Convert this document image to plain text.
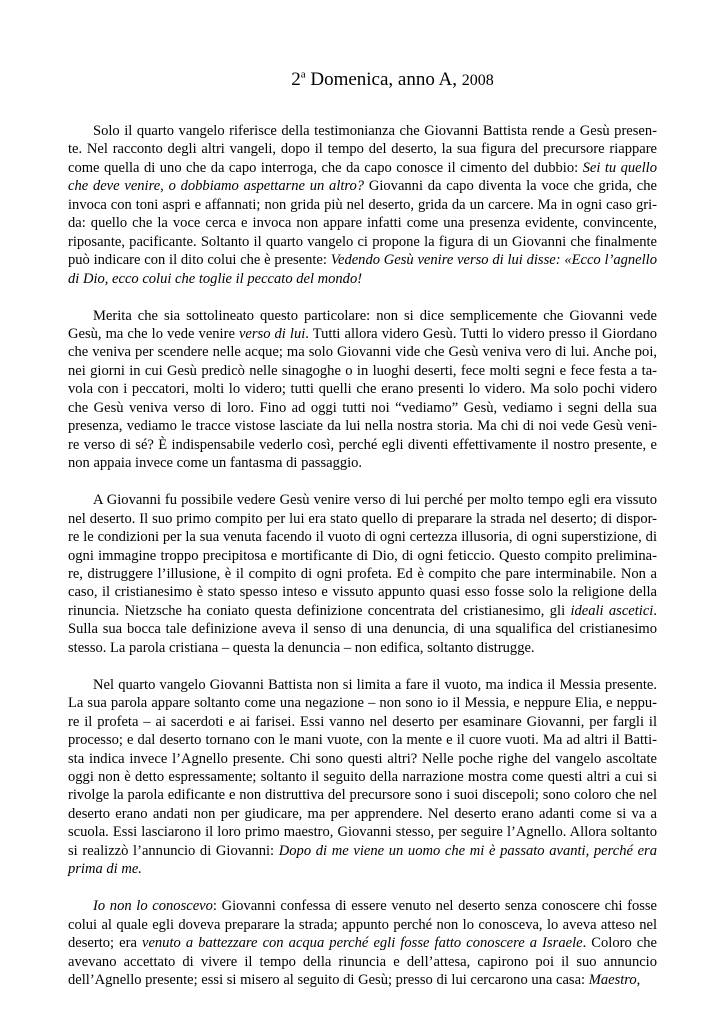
2$^a$ Domenica, anno A, 2008

Solo il quarto vangelo riferisce della testimonianza che Giovanni Battista rende a Gesù presen-te. Nel racconto degli altri vangeli, dopo il tempo del deserto, la sua figura del precursore riappare come quella di uno che da capo interroga, che da capo conosce il cimento del dubbio: Sei tu quello che deve venire, o dobbiamo aspettarne un altro? Giovanni da capo diventa la voce che grida, che invoca con toni aspri e affannati; non grida più nel deserto, grida da un carcere. Ma in ogni caso gri-da: quello che la voce cerca e invoca non appare infatti come una presenza evidente, convincente, riposante, pacificante. Soltanto il quarto vangelo ci propone la figura di un Giovanni che finalmente può indicare con il dito colui che è presente: Vedendo Gesù venire verso di lui disse: «Ecco l’agnello di Dio, ecco colui che toglie il peccato del mondo!

Merita che sia sottolineato questo particolare: non si dice semplicemente che Giovanni vede Gesù, ma che lo vede venire verso di lui. Tutti allora videro Gesù. Tutti lo videro presso il Giordano che veniva per scendere nelle acque; ma solo Giovanni vide che Gesù veniva vero di lui. Anche poi, nei giorni in cui Gesù predicò nelle sinagoghe o in luoghi deserti, fece molti segni e fece festa a ta-vola con i peccatori, molti lo videro; tutti quelli che erano presenti lo videro. Ma solo pochi videro che Gesù veniva verso di loro. Fino ad oggi tutti noi “vediamo” Gesù, vediamo i segni della sua presenza, vediamo le tracce vistose lasciate da lui nella nostra storia. Ma chi di noi vede Gesù veni-re verso di sé? È indispensabile vederlo così, perché egli diventi effettivamente il nostro presente, e non appaia invece come un fantasma di passaggio.

A Giovanni fu possibile vedere Gesù venire verso di lui perché per molto tempo egli era vissuto nel deserto. Il suo primo compito per lui era stato quello di preparare la strada nel deserto; di dispor-re le condizioni per la sua venuta facendo il vuoto di ogni certezza illusoria, di ogni superstizione, di ogni immagine troppo precipitosa e mortificante di Dio, di ogni feticcio. Questo compito prelimina-re, distruggere l’illusione, è il compito di ogni profeta. Ed è compito che pare interminabile. Non a caso, il cristianesimo è stato spesso inteso e vissuto appunto quasi esso fosse solo la religione della rinuncia. Nietzsche ha coniato questa definizione concentrata del cristianesimo, gli ideali ascetici. Sulla sua bocca tale definizione aveva il senso di una denuncia, di una squalifica del cristianesimo stesso. La parola cristiana – questa la denuncia – non edifica, soltanto distrugge.

Nel quarto vangelo Giovanni Battista non si limita a fare il vuoto, ma indica il Messia presente. La sua parola appare soltanto come una negazione – non sono io il Messia, e neppure Elia, e neppu-re il profeta – ai sacerdoti e ai farisei. Essi vanno nel deserto per esaminare Giovanni, per fargli il processo; e dal deserto tornano con le mani vuote, con la mente e il cuore vuoti. Ma ad altri il Batti-sta indica invece l’Agnello presente. Chi sono questi altri? Nelle poche righe del vangelo ascoltate oggi non è detto espressamente; soltanto il seguito della narrazione mostra come questi altri a cui si rivolge la parola edificante e non distruttiva del precursore sono i suoi discepoli; sono coloro che nel deserto erano andati non per giudicare, ma per apprendere. Nel deserto erano adanti come si va a scuola. Essi lasciarono il loro primo maestro, Giovanni stesso, per seguire l’Agnello. Allora soltanto si realizzò l’annuncio di Giovanni: Dopo di me viene un uomo che mi è passato avanti, perché era prima di me.

Io non lo conoscevo: Giovanni confessa di essere venuto nel deserto senza conoscere chi fosse colui al quale egli doveva preparare la strada; appunto perché non lo conosceva, lo aveva atteso nel deserto; era venuto a battezzare con acqua perché egli fosse fatto conoscere a Israele. Coloro che avevano accettato di vivere il tempo della rinuncia e dell’attesa, capirono poi il suo annuncio dell’Agnello presente; essi si misero al seguito di Gesù; presso di lui cercarono una casa: Maestro,
